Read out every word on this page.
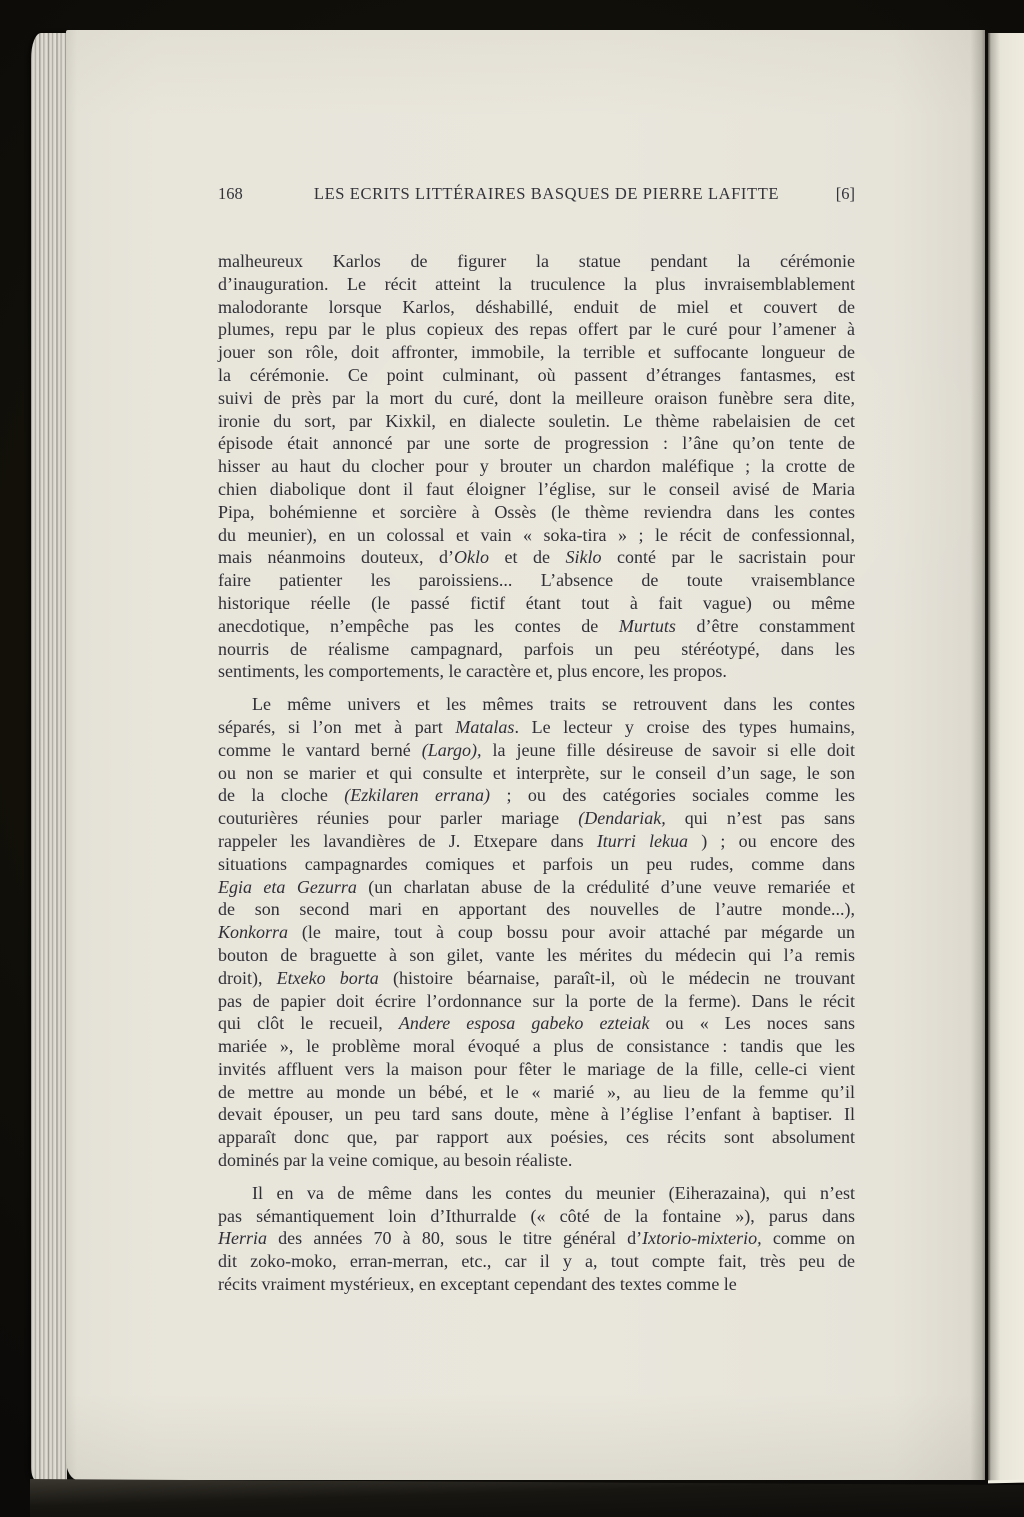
168	LES ECRITS LITTÉRAIRES BASQUES DE PIERRE LAFITTE	[6]
malheureux Karlos de figurer la statue pendant la cérémonie
d’inauguration. Le récit atteint la truculence la plus invraisemblablement
malodorante lorsque Karlos, déshabillé, enduit de miel et couvert de
plumes, repu par le plus copieux des repas offert par le curé pour l’amener à
jouer son rôle, doit affronter, immobile, la terrible et suffocante longueur de
la cérémonie. Ce point culminant, où passent d’étranges fantasmes, est
suivi de près par la mort du curé, dont la meilleure oraison funèbre sera dite,
ironie du sort, par Kixkil, en dialecte souletin. Le thème rabelaisien de cet
épisode était annoncé par une sorte de progression : l’âne qu’on tente de
hisser au haut du clocher pour y brouter un chardon maléfique ; la crotte de
chien diabolique dont il faut éloigner l’église, sur le conseil avisé de Maria
Pipa, bohémienne et sorcière à Ossès (le thème reviendra dans les contes
du meunier), en un colossal et vain « soka-tira » ; le récit de confessionnal,
mais néanmoins douteux, d’Oklo et de Siklo conté par le sacristain pour
faire patienter les paroissiens... L’absence de toute vraisemblance
historique réelle (le passé fictif étant tout à fait vague) ou même
anecdotique, n’empêche pas les contes de Murtuts d’être constamment
nourris de réalisme campagnard, parfois un peu stéréotypé, dans les
sentiments, les comportements, le caractère et, plus encore, les propos.
Le même univers et les mêmes traits se retrouvent dans les contes
séparés, si l’on met à part Matalas. Le lecteur y croise des types humains,
comme le vantard berné (Largo), la jeune fille désireuse de savoir si elle doit
ou non se marier et qui consulte et interprète, sur le conseil d’un sage, le son
de la cloche (Ezkilaren errana) ; ou des catégories sociales comme les
couturières réunies pour parler mariage (Dendariak, qui n’est pas sans
rappeler les lavandières de J. Etxepare dans Iturri lekua ) ; ou encore des
situations campagnardes comiques et parfois un peu rudes, comme dans
Egia eta Gezurra (un charlatan abuse de la crédulité d’une veuve remariée et
de son second mari en apportant des nouvelles de l’autre monde...),
Konkorra (le maire, tout à coup bossu pour avoir attaché par mégarde un
bouton de braguette à son gilet, vante les mérites du médecin qui l’a remis
droit), Etxeko borta (histoire béarnaise, paraît-il, où le médecin ne trouvant
pas de papier doit écrire l’ordonnance sur la porte de la ferme). Dans le récit
qui clôt le recueil, Andere esposa gabeko ezteiak ou « Les noces sans
mariée », le problème moral évoqué a plus de consistance : tandis que les
invités affluent vers la maison pour fêter le mariage de la fille, celle-ci vient
de mettre au monde un bébé, et le « marié », au lieu de la femme qu’il
devait épouser, un peu tard sans doute, mène à l’église l’enfant à baptiser. Il
apparaît donc que, par rapport aux poésies, ces récits sont absolument
dominés par la veine comique, au besoin réaliste.
Il en va de même dans les contes du meunier (Eiherazaina), qui n’est
pas sémantiquement loin d’Ithurralde (« côté de la fontaine »), parus dans
Herria des années 70 à 80, sous le titre général d’Ixtorio-mixterio, comme on
dit zoko-moko, erran-merran, etc., car il y a, tout compte fait, très peu de
récits vraiment mystérieux, en exceptant cependant des textes comme le
